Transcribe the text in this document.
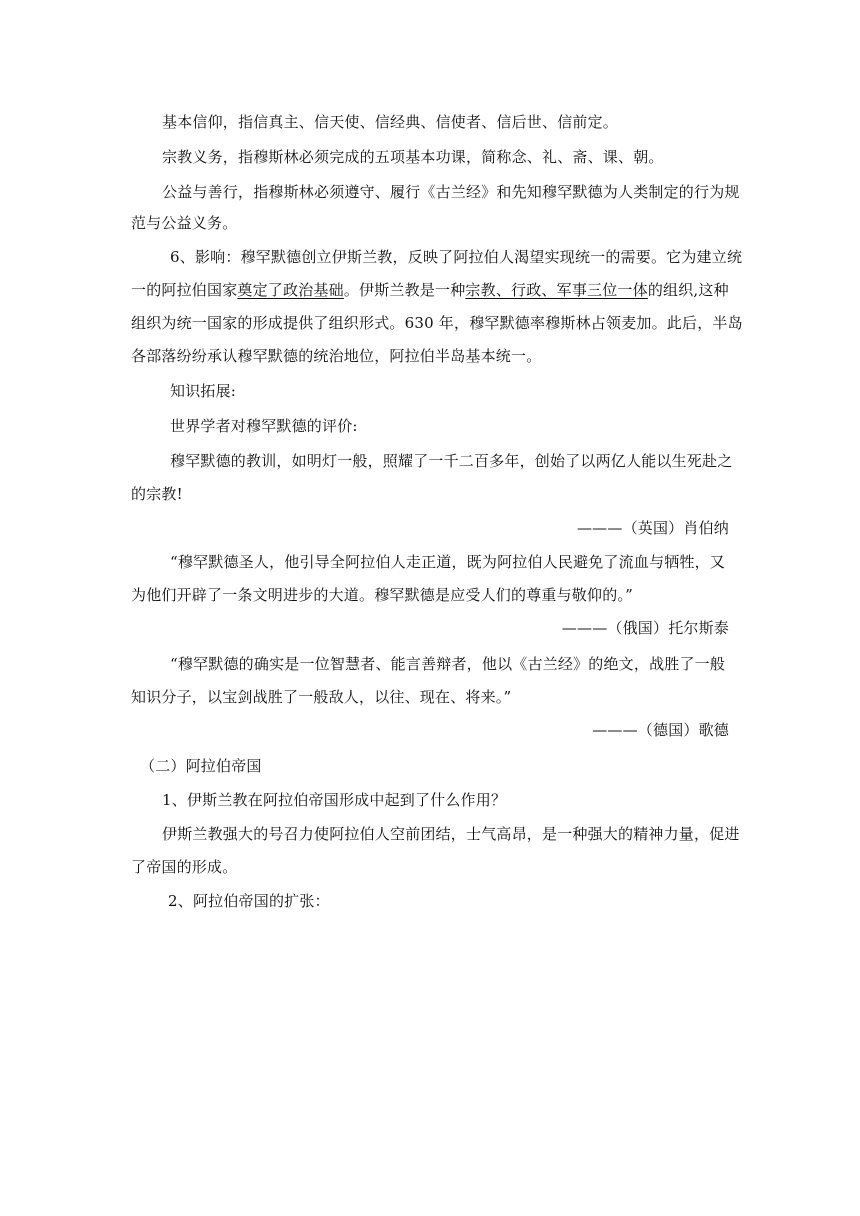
基本信仰，指信真主、信天使、信经典、信使者、信后世、信前定。
宗教义务，指穆斯林必须完成的五项基本功课，简称念、礼、斋、课、朝。
公益与善行，指穆斯林必须遵守、履行《古兰经》和先知穆罕默德为人类制定的行为规
范与公益义务。
6、影响：穆罕默德创立伊斯兰教，反映了阿拉伯人渴望实现统一的需要。它为建立统
一的阿拉伯国家奠定了政治基础。伊斯兰教是一种宗教、行政、军事三位一体的组织,这种
组织为统一国家的形成提供了组织形式。630 年，穆罕默德率穆斯林占领麦加。此后，半岛
各部落纷纷承认穆罕默德的统治地位，阿拉伯半岛基本统一。
知识拓展:
世界学者对穆罕默德的评价:
穆罕默德的教训，如明灯一般，照耀了一千二百多年，创始了以两亿人能以生死赴之
的宗教!
———（英国）肖伯纳
“穆罕默德圣人，他引导全阿拉伯人走正道，既为阿拉伯人民避免了流血与牺牲，又
为他们开辟了一条文明进步的大道。穆罕默德是应受人们的尊重与敬仰的。”
———（俄国）托尔斯泰
“穆罕默德的确实是一位智慧者、能言善辩者，他以《古兰经》的绝文，战胜了一般
知识分子，以宝剑战胜了一般敌人，以往、现在、将来。”
———（德国）歌德
（二）阿拉伯帝国
1、伊斯兰教在阿拉伯帝国形成中起到了什么作用？
伊斯兰教强大的号召力使阿拉伯人空前团结，士气高昂，是一种强大的精神力量，促进
了帝国的形成。
2、阿拉伯帝国的扩张：
